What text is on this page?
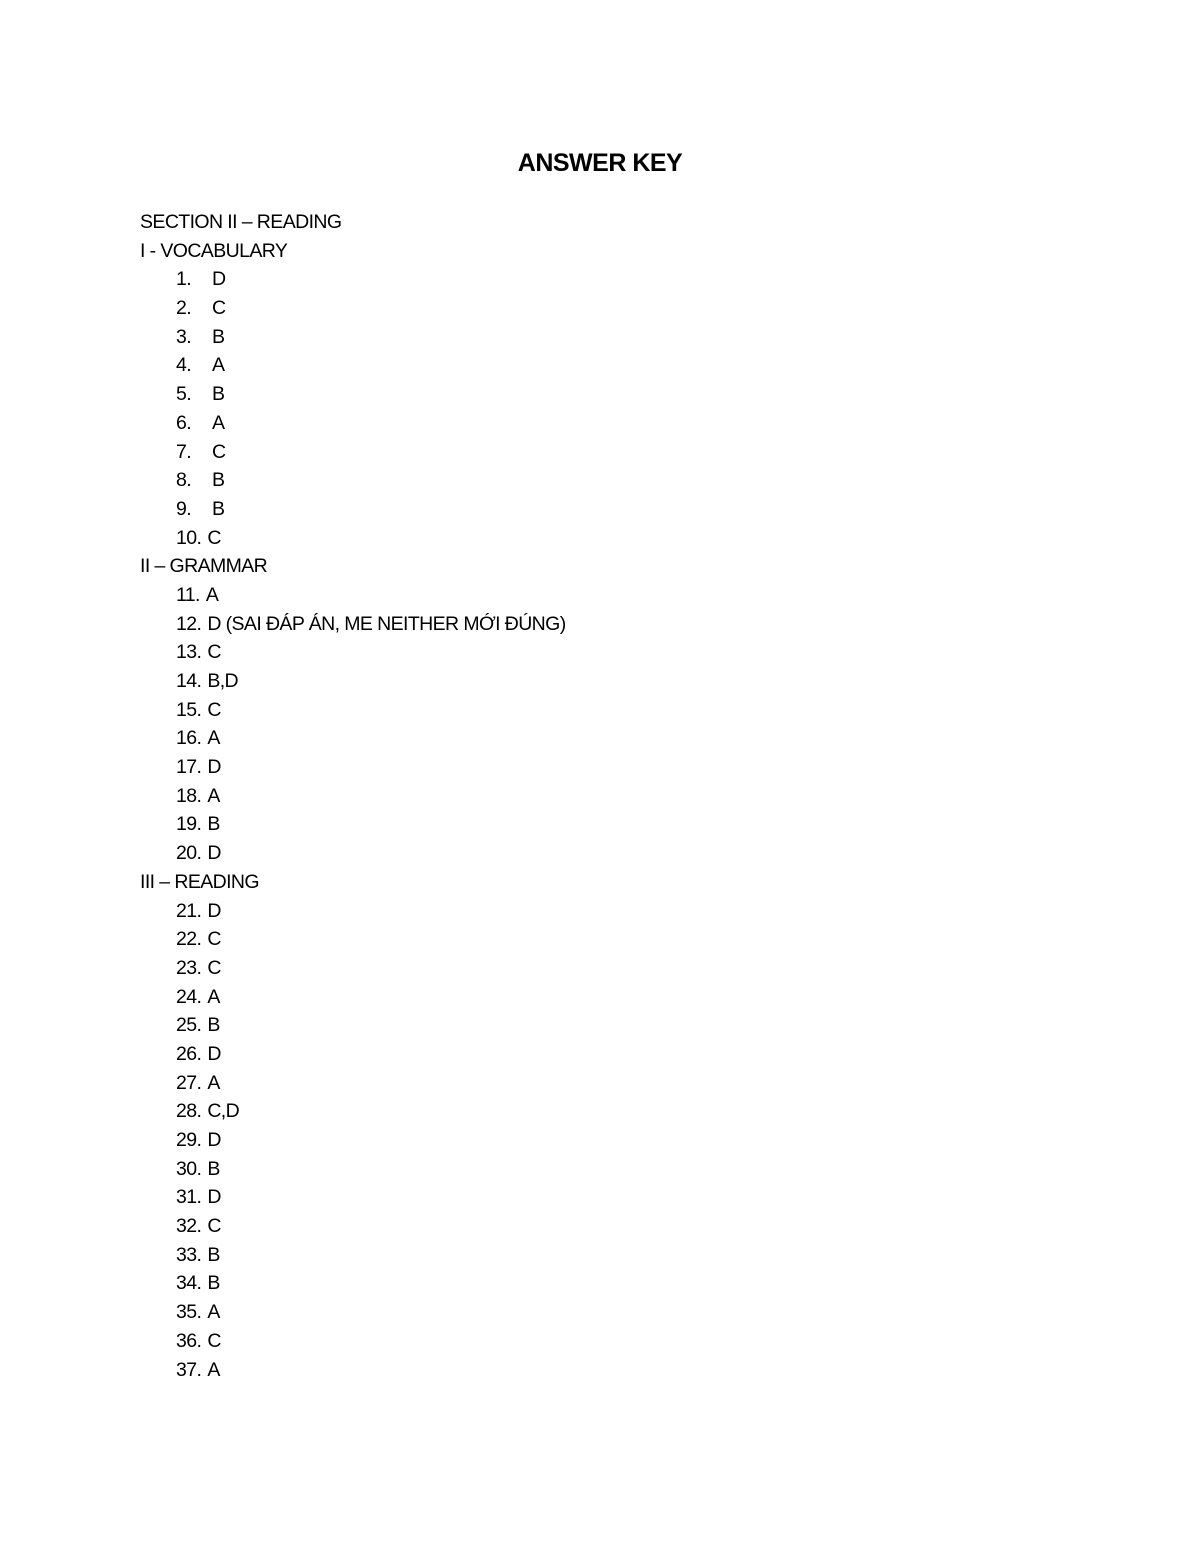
ANSWER KEY
SECTION II – READING
I - VOCABULARY
1.	D
2.	C
3.	B
4.	A
5.	B
6.	A
7.	C
8.	B
9.	B
10. C
II – GRAMMAR
11. A
12. D (SAI ĐÁP ÁN, ME NEITHER MỚI ĐÚNG)
13. C
14. B,D
15. C
16. A
17. D
18. A
19. B
20. D
III – READING
21. D
22. C
23. C
24. A
25. B
26. D
27. A
28. C,D
29. D
30. B
31. D
32. C
33. B
34. B
35. A
36. C
37. A
